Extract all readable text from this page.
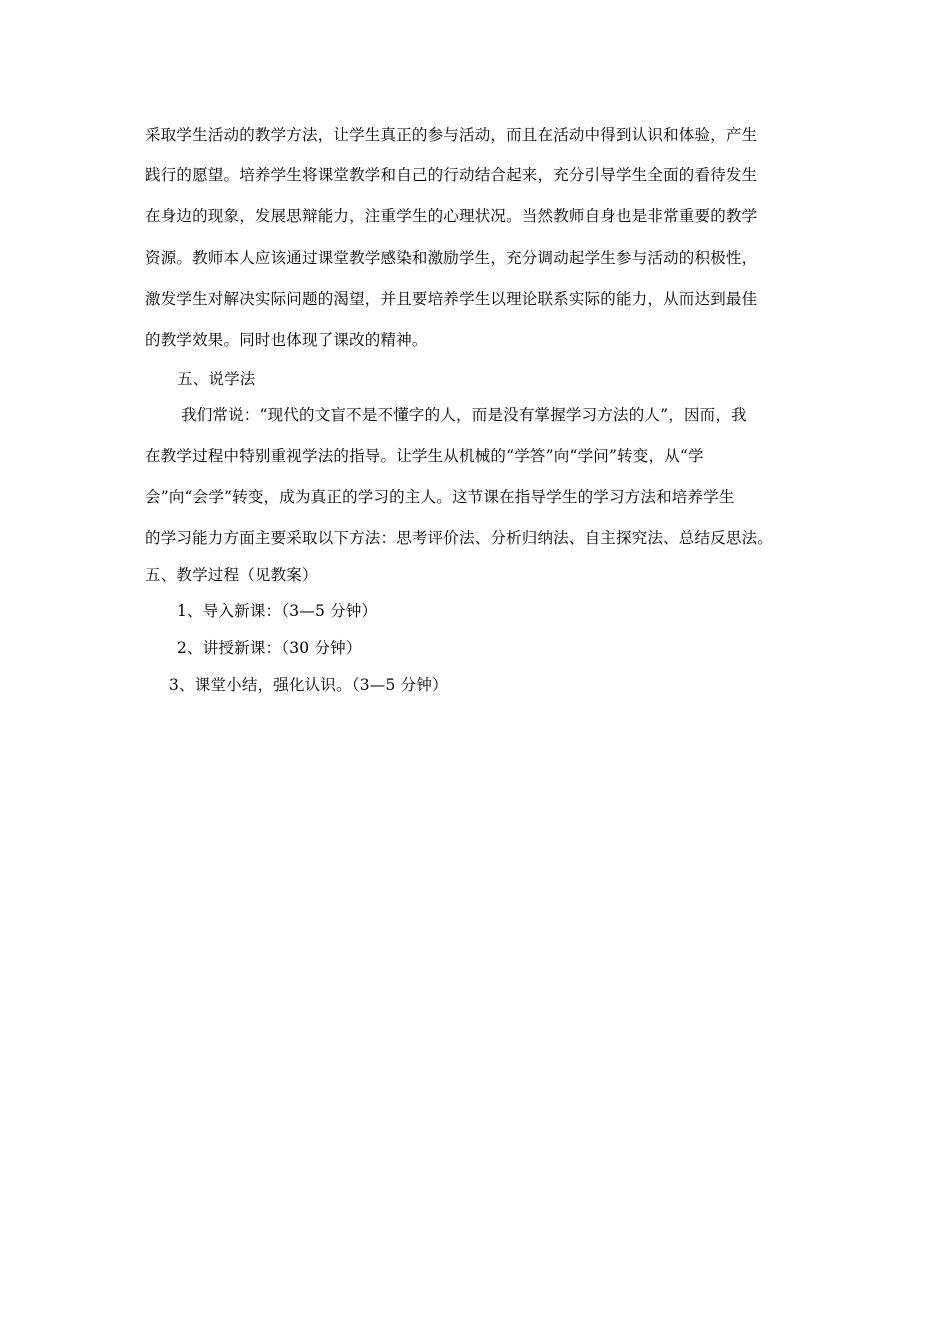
采取学生活动的教学方法，让学生真正的参与活动，而且在活动中得到认识和体验，产生
践行的愿望。培养学生将课堂教学和自己的行动结合起来，充分引导学生全面的看待发生
在身边的现象，发展思辩能力，注重学生的心理状况。当然教师自身也是非常重要的教学
资源。教师本人应该通过课堂教学感染和激励学生，充分调动起学生参与活动的积极性，
激发学生对解决实际问题的渴望，并且要培养学生以理论联系实际的能力，从而达到最佳
的教学效果。同时也体现了课改的精神。
五、说学法
我们常说：“现代的文盲不是不懂字的人，而是没有掌握学习方法的人”，因而，我
在教学过程中特别重视学法的指导。让学生从机械的“学答”向“学问”转变，从“学
会”向“会学”转变，成为真正的学习的主人。这节课在指导学生的学习方法和培养学生
的学习能力方面主要采取以下方法：思考评价法、分析归纳法、自主探究法、总结反思法。
五、教学过程（见教案）
1、导入新课：（3—5 分钟）
2、讲授新课：（30 分钟）
3、课堂小结，强化认识。（3—5 分钟）
